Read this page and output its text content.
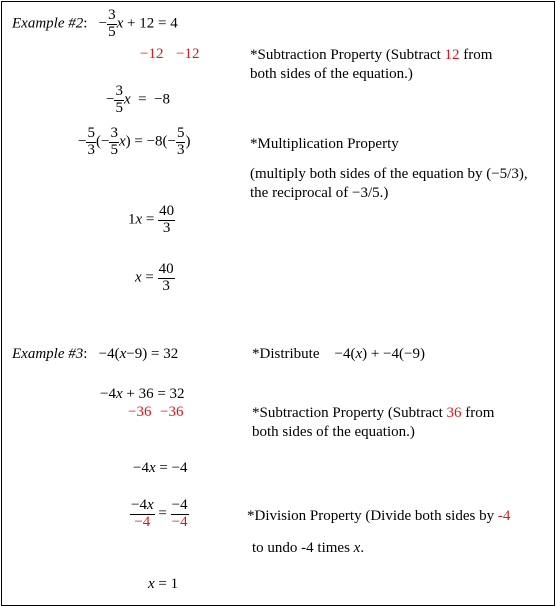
Example #2: − $\frac{3}{5}$ x + 12 = 4
−12 −12	*Subtraction Property (Subtract 12 from
both sides of the equation.)
− $\frac{3}{5}$ x  =  −8
− $\frac{5}{3}$ (− $\frac{3}{5} x) = -8(- \frac{5}{3}$ )	*Multiplication Property
(multiply both sides of the equation by (−5/3),
the reciprocal of −3/5.)
$1x = \frac{40}{3}$
$x = \frac{40}{3}$
Example #3: −4(x−9) = 32	*Distribute    −4(x) + −4(−9)
−4x + 36 = 32
−36 −36	*Subtraction Property (Subtract 36 from
both sides of the equation.)
−4x = −4
$\frac{-4x}{-4} = \frac{-4}{-4}$	*Division Property (Divide both sides by -4
to undo -4 times x.
x = 1
